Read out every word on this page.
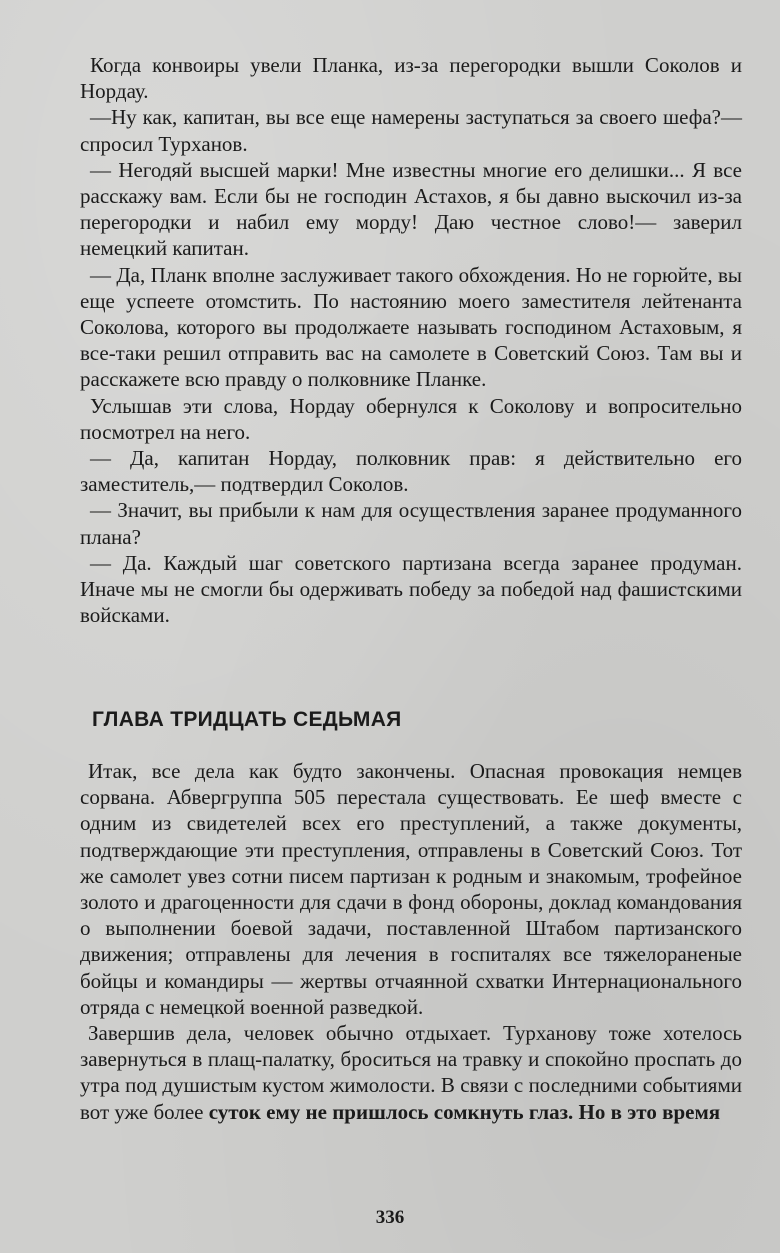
Когда конвоиры увели Планка, из-за перегородки вышли Соколов и Нордау.

—Ну как, капитан, вы все еще намерены заступаться за своего шефа?— спросил Турханов.

— Негодяй высшей марки! Мне известны многие его делишки... Я все расскажу вам. Если бы не господин Астахов, я бы давно выскочил из-за перегородки и набил ему морду! Даю честное слово!— заверил немецкий капитан.

— Да, Планк вполне заслуживает такого обхождения. Но не горюйте, вы еще успеете отомстить. По настоянию моего заместителя лейтенанта Соколова, которого вы продолжаете называть господином Астаховым, я все-таки решил отправить вас на самолете в Советский Союз. Там вы и расскажете всю правду о полковнике Планке.

Услышав эти слова, Нордау обернулся к Соколову и вопросительно посмотрел на него.

— Да, капитан Нордау, полковник прав: я действительно его заместитель,— подтвердил Соколов.

— Значит, вы прибыли к нам для осуществления заранее продуманного плана?

— Да. Каждый шаг советского партизана всегда заранее продуман. Иначе мы не смогли бы одерживать победу за победой над фашистскими войсками.

ГЛАВА ТРИДЦАТЬ СЕДЬМАЯ

Итак, все дела как будто закончены. Опасная провокация немцев сорвана. Абвергруппа 505 перестала существовать. Ее шеф вместе с одним из свидетелей всех его преступлений, а также документы, подтверждающие эти преступления, отправлены в Советский Союз. Тот же самолет увез сотни писем партизан к родным и знакомым, трофейное золото и драгоценности для сдачи в фонд обороны, доклад командования о выполнении боевой задачи, поставленной Штабом партизанского движения; отправлены для лечения в госпиталях все тяжелораненые бойцы и командиры — жертвы отчаянной схватки Интернационального отряда с немецкой военной разведкой.

Завершив дела, человек обычно отдыхает. Турханову тоже хотелось завернуться в плащ-палатку, броситься на травку и спокойно проспать до утра под душистым кустом жимолости. В связи с последними событиями вот уже более суток ему не пришлось сомкнуть глаз. Но в это время

336
